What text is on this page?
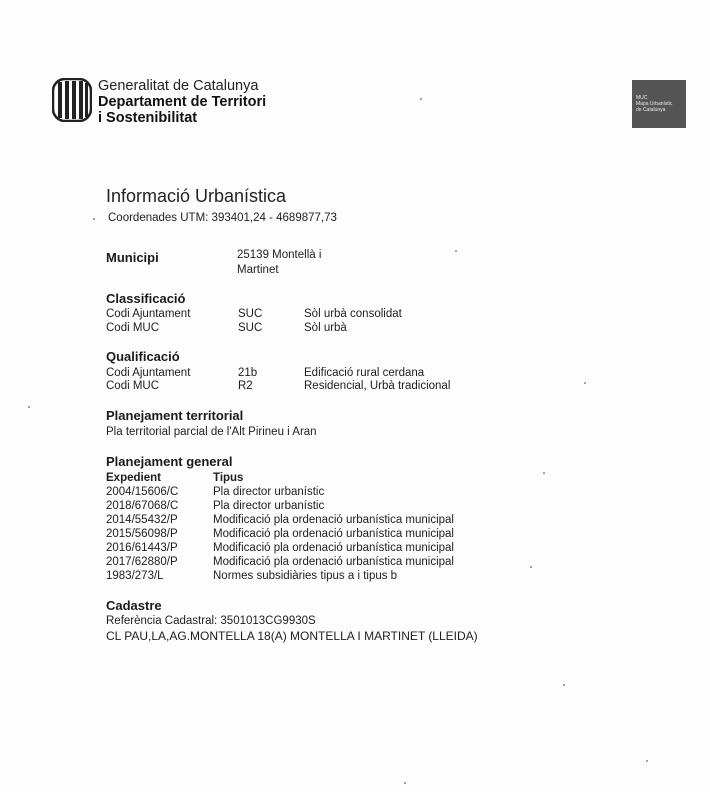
Generalitat de Catalunya
Departament de Territori
i Sostenibilitat
MUC
Mapa Urbanístic
de Catalunya
Informació Urbanística
Coordenades UTM: 393401,24 - 4689877,73
Municipi	25139 Montellà i
Martinet
Classificació
Codi Ajuntament	SUC	Sòl urbà consolidat
Codi MUC	SUC	Sòl urbà
Qualificació
Codi Ajuntament	21b	Edificació rural cerdana
Codi MUC	R2	Residencial, Urbà tradicional
Planejament territorial
Pla territorial parcial de l'Alt Pirineu i Aran
Planejament general
Expedient	Tipus
2004/15606/C	Pla director urbanístic
2018/67068/C	Pla director urbanístic
2014/55432/P	Modificació pla ordenació urbanística municipal
2015/56098/P	Modificació pla ordenació urbanística municipal
2016/61443/P	Modificació pla ordenació urbanística municipal
2017/62880/P	Modificació pla ordenació urbanística municipal
1983/273/L	Normes subsidiàries tipus a i tipus b
Cadastre
Referència Cadastral: 3501013CG9930S
CL PAU,LA,AG.MONTELLA 18(A) MONTELLA I MARTINET (LLEIDA)
